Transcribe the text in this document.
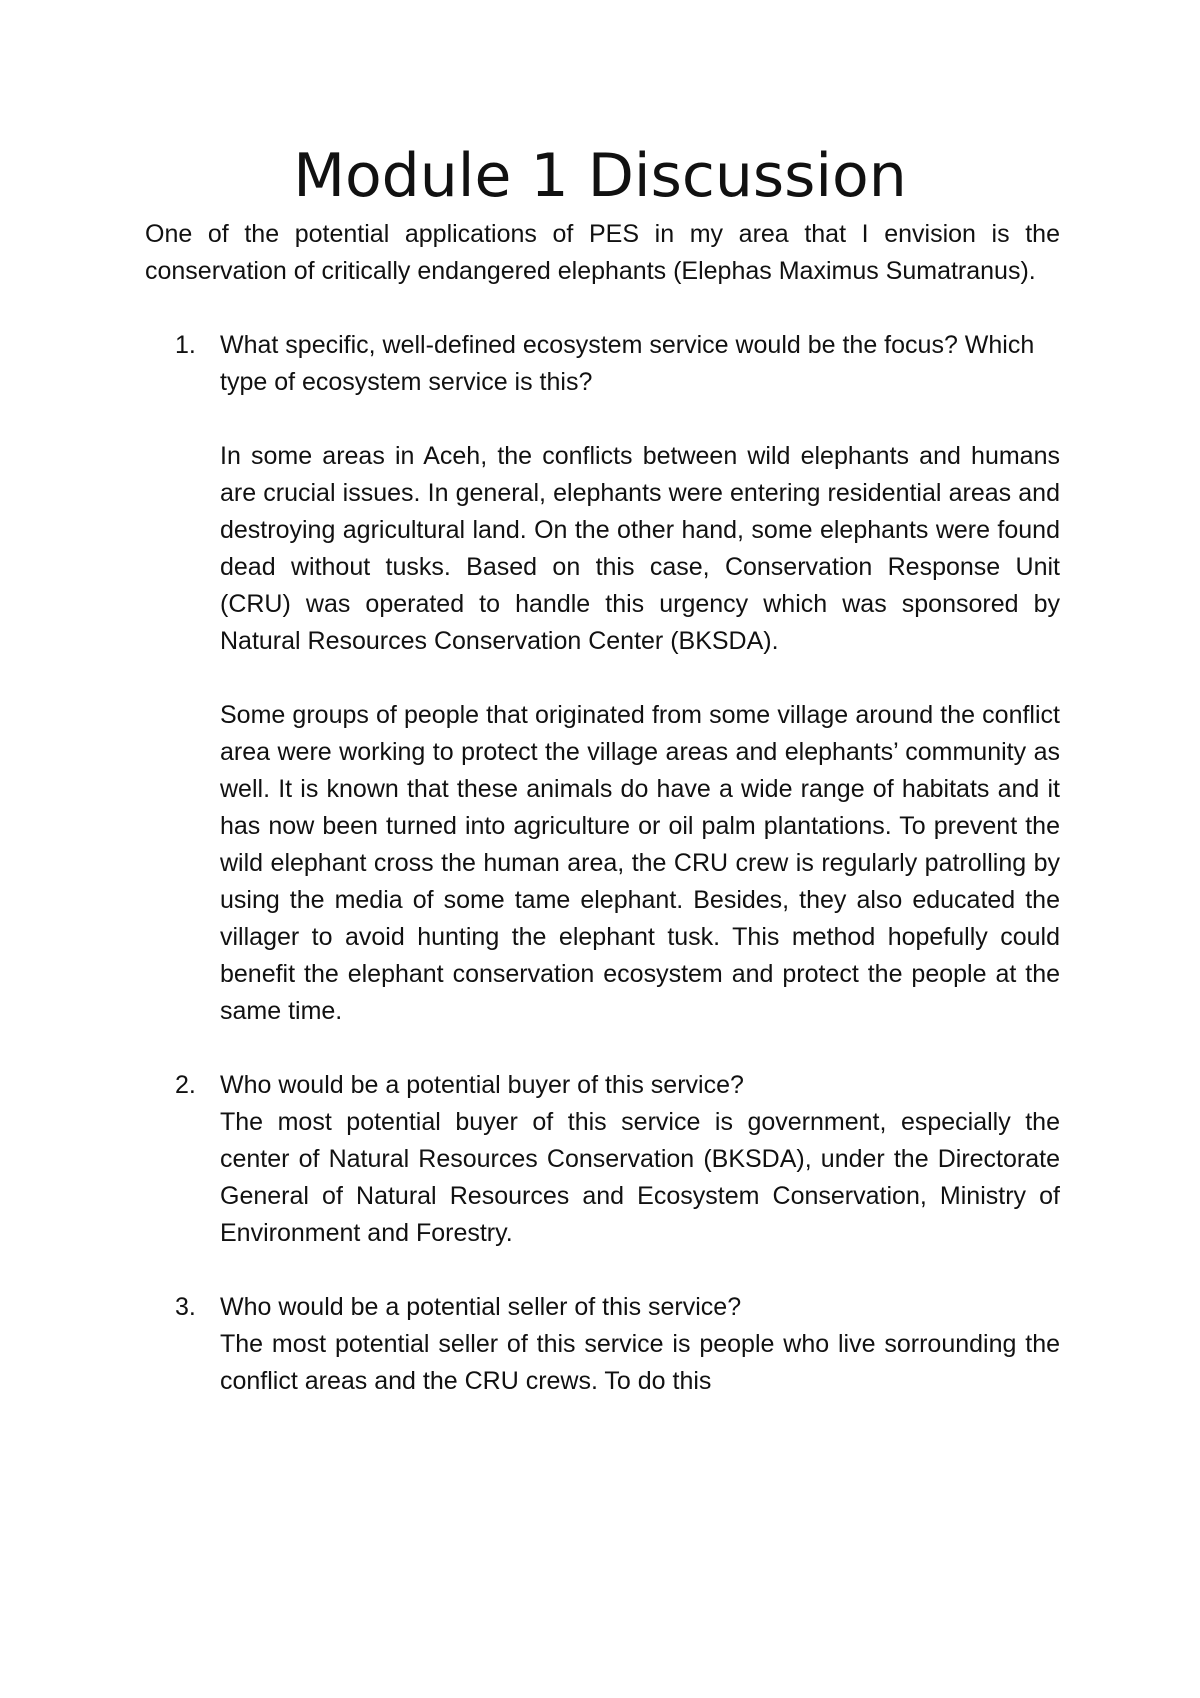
Module 1 Discussion

One of the potential applications of PES in my area that I envision is the conservation of critically endangered elephants (Elephas Maximus Sumatranus).

1. What specific, well-defined ecosystem service would be the focus? Which type of ecosystem service is this?

In some areas in Aceh, the conflicts between wild elephants and humans are crucial issues. In general, elephants were entering residential areas and destroying agricultural land. On the other hand, some elephants were found dead without tusks. Based on this case, Conservation Response Unit (CRU) was operated to handle this urgency which was sponsored by Natural Resources Conservation Center (BKSDA).

Some groups of people that originated from some village around the conflict area were working to protect the village areas and elephants’ community as well. It is known that these animals do have a wide range of habitats and it has now been turned into agriculture or oil palm plantations. To prevent the wild elephant cross the human area, the CRU crew is regularly patrolling by using the media of some tame elephant. Besides, they also educated the villager to avoid hunting the elephant tusk. This method hopefully could benefit the elephant conservation ecosystem and protect the people at the same time.

2. Who would be a potential buyer of this service?

The most potential buyer of this service is government, especially the center of Natural Resources Conservation (BKSDA), under the Directorate General of Natural Resources and Ecosystem Conservation, Ministry of Environment and Forestry.

3. Who would be a potential seller of this service?

The most potential seller of this service is people who live sorrounding the conflict areas and the CRU crews. To do this
